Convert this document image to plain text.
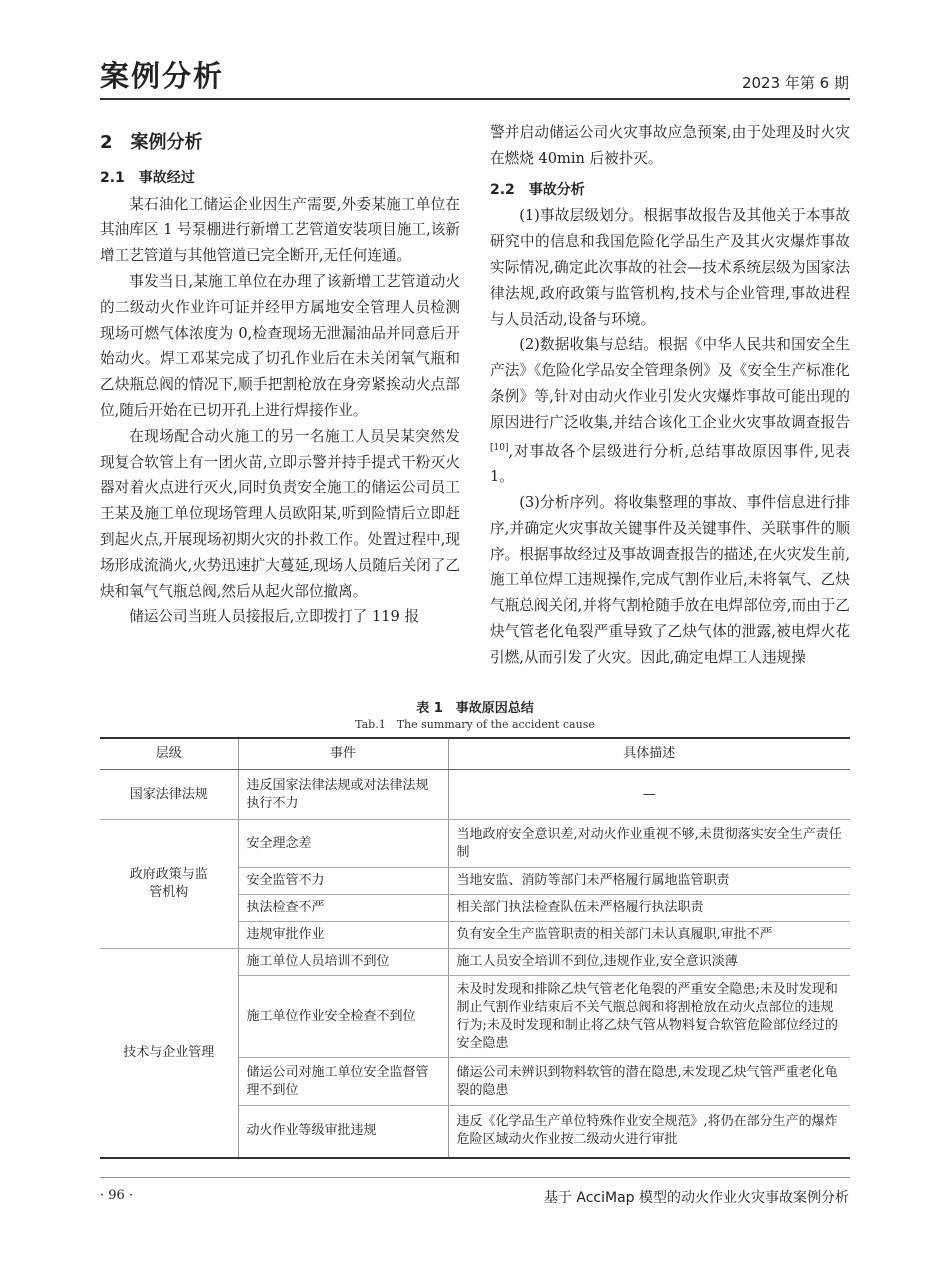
案例分析	2023 年第 6 期
2　案例分析
2.1　事故经过

某石油化工储运企业因生产需要,外委某施工单位在其油库区 1 号泵棚进行新增工艺管道安装项目施工,该新增工艺管道与其他管道已完全断开,无任何连通。

事发当日,某施工单位在办理了该新增工艺管道动火的二级动火作业许可证并经甲方属地安全管理人员检测现场可燃气体浓度为 0,检查现场无泄漏油品并同意后开始动火。焊工邓某完成了切孔作业后在未关闭氧气瓶和乙炔瓶总阀的情况下,顺手把割枪放在身旁紧挨动火点部位,随后开始在已切开孔上进行焊接作业。

在现场配合动火施工的另一名施工人员吴某突然发现复合软管上有一团火苗,立即示警并持手提式干粉灭火器对着火点进行灭火,同时负责安全施工的储运公司员工王某及施工单位现场管理人员欧阳某,听到险情后立即赶到起火点,开展现场初期火灾的扑救工作。处置过程中,现场形成流淌火,火势迅速扩大蔓延,现场人员随后关闭了乙炔和氧气气瓶总阀,然后从起火部位撤离。

储运公司当班人员接报后,立即拨打了 119 报

警并启动储运公司火灾事故应急预案,由于处理及时火灾在燃烧 40min 后被扑灭。

2.2　事故分析

(1)事故层级划分。根据事故报告及其他关于本事故研究中的信息和我国危险化学品生产及其火灾爆炸事故实际情况,确定此次事故的社会—技术系统层级为国家法律法规,政府政策与监管机构,技术与企业管理,事故进程与人员活动,设备与环境。

(2)数据收集与总结。根据《中华人民共和国安全生产法》《危险化学品安全管理条例》及《安全生产标准化条例》等,针对由动火作业引发火灾爆炸事故可能出现的原因进行广泛收集,并结合该化工企业火灾事故调查报告[10],对事故各个层级进行分析,总结事故原因事件,见表 1。

(3)分析序列。将收集整理的事故、事件信息进行排序,并确定火灾事故关键事件及关键事件、关联事件的顺序。根据事故经过及事故调查报告的描述,在火灾发生前,施工单位焊工违规操作,完成气割作业后,未将氧气、乙炔气瓶总阀关闭,并将气割枪随手放在电焊部位旁,而由于乙炔气管老化龟裂严重导致了乙炔气体的泄露,被电焊火花引燃,从而引发了火灾。因此,确定电焊工人违规操

表 1　事故原因总结
Tab.1　The summary of the accident cause
层级	事件	具体描述
国家法律法规	违反国家法律法规或对法律法规执行不力	—

政府政策与监管机构	安全理念差	当地政府安全意识差,对动火作业重视不够,未贯彻落实安全生产责任制
	安全监管不力	当地安监、消防等部门未严格履行属地监管职责
	执法检查不严	相关部门执法检查队伍未严格履行执法职责
	违规审批作业	负有安全生产监管职责的相关部门未认真履职,审批不严
技术与企业管理	施工单位人员培训不到位	施工人员安全培训不到位,违规作业,安全意识淡薄
	施工单位作业安全检查不到位	未及时发现和排除乙炔气管老化龟裂的严重安全隐患;未及时发现和制止气割作业结束后不关气瓶总阀和将割枪放在动火点部位的违规行为;未及时发现和制止将乙炔气管从物料复合软管危险部位经过的安全隐患
	储运公司对施工单位安全监督管理不到位	储运公司未辨识到物料软管的潜在隐患,未发现乙炔气管严重老化龟裂的隐患
	动火作业等级审批违规	违反《化学品生产单位特殊作业安全规范》,将仍在部分生产的爆炸危险区域动火作业按二级动火进行审批
· 96 ·	基于 AcciMap 模型的动火作业火灾事故案例分析
